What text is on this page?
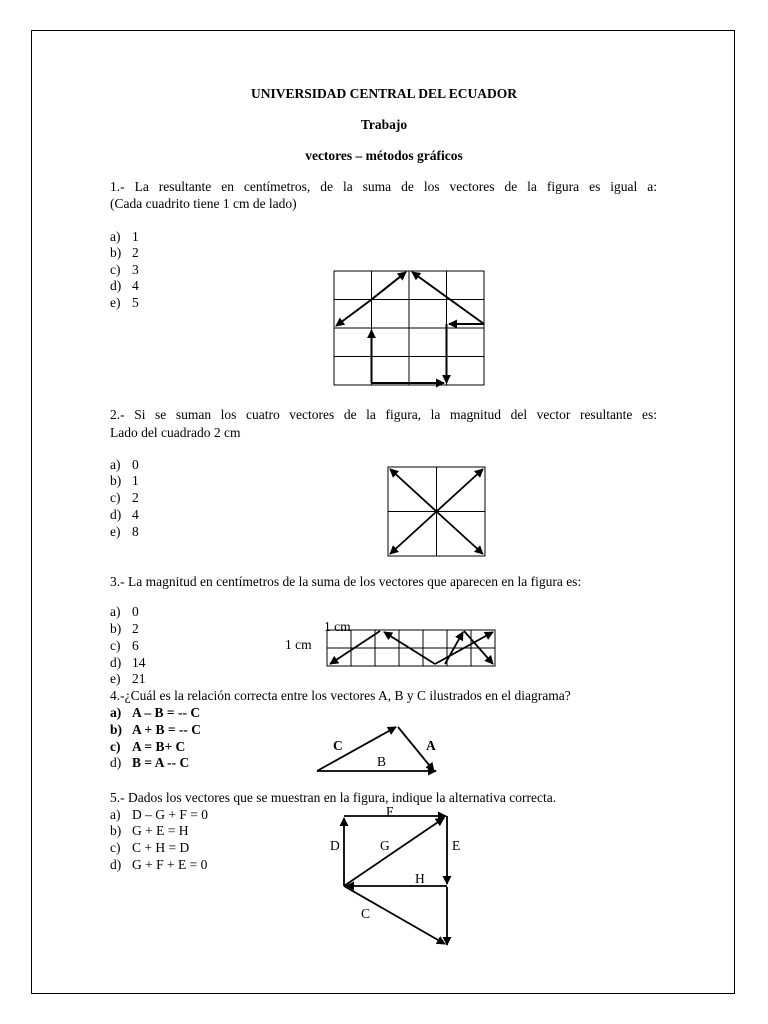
UNIVERSIDAD CENTRAL DEL ECUADOR
Trabajo
vectores – métodos gráficos
1.- La resultante en centímetros, de la suma de los vectores de la figura es igual a:
(Cada cuadrito tiene 1 cm de lado)
a) 1
b) 2
c) 3
d) 4
e) 5
2.- Si se suman los cuatro vectores de la figura, la magnitud del vector resultante es:
Lado del cuadrado 2 cm
a) 0
b) 1
c) 2
d) 4
e) 8
3.- La magnitud en centímetros de la suma de los vectores que aparecen en la figura es:
a) 0
b) 2
c) 6
d) 14
e) 21
4.-¿Cuál es la relación correcta entre los vectores A, B y C ilustrados en el diagrama?
a) A – B = -- C
b) A + B = -- C
c) A = B+ C
d) B = A -- C
5.- Dados los vectores que se muestran en la figura, indique la alternativa correcta.
a) D – G + F = 0
b) G + E = H
c) C + H = D
d) G + F + E = 0
1 cm
1 cm
C	A
B
F
D	G	E
H
C
